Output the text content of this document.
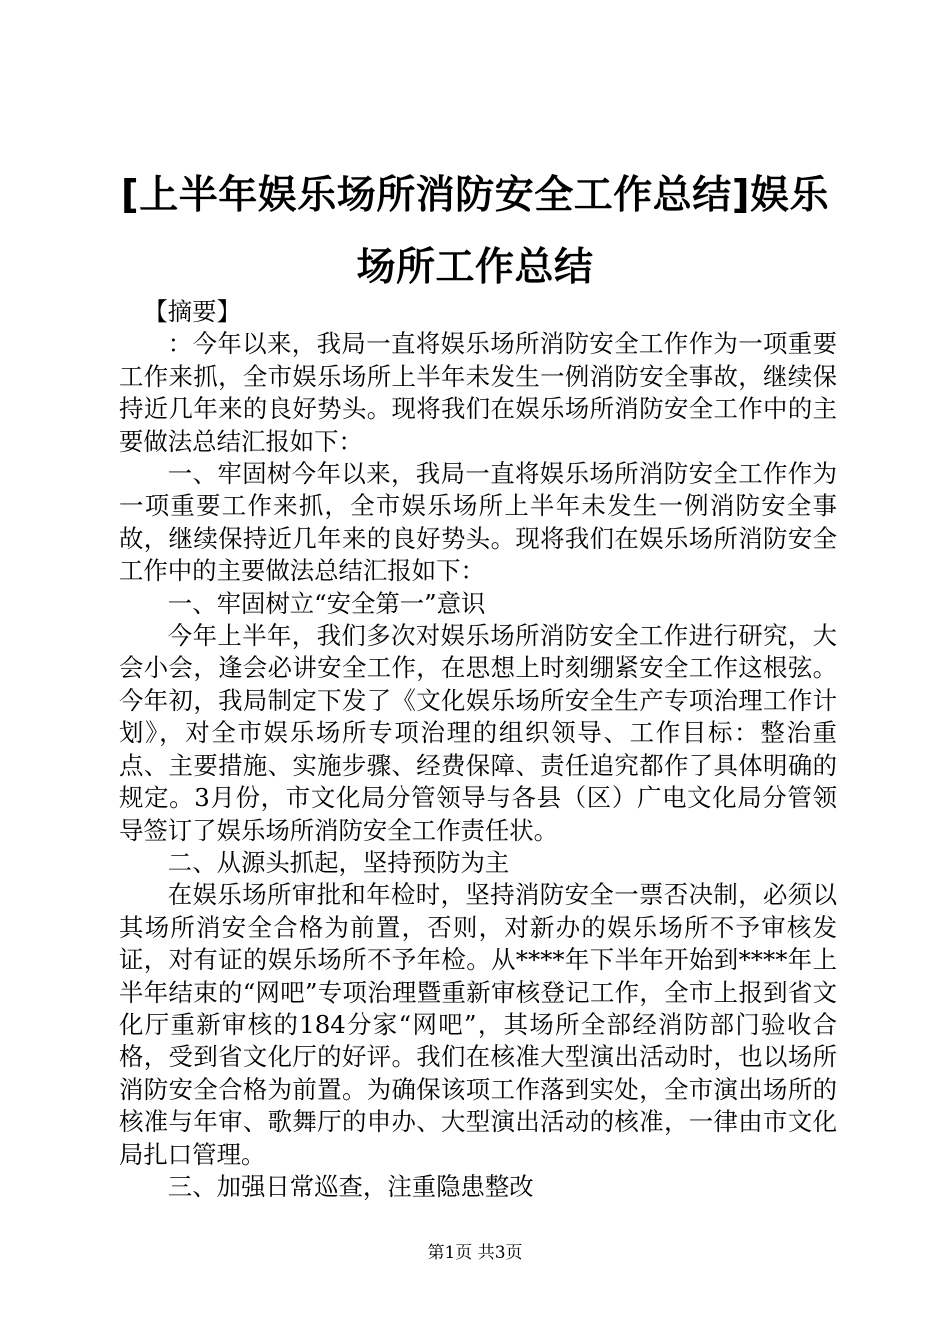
[上半年娱乐场所消防安全工作总结]娱乐场所工作总结

【摘要】

：今年以来，我局一直将娱乐场所消防安全工作作为一项重要工作来抓，全市娱乐场所上半年未发生一例消防安全事故，继续保持近几年来的良好势头。现将我们在娱乐场所消防安全工作中的主要做法总结汇报如下：

一、牢固树今年以来，我局一直将娱乐场所消防安全工作作为一项重要工作来抓，全市娱乐场所上半年未发生一例消防安全事故，继续保持近几年来的良好势头。现将我们在娱乐场所消防安全工作中的主要做法总结汇报如下：

一、牢固树立“安全第一”意识

今年上半年，我们多次对娱乐场所消防安全工作进行研究，大会小会，逢会必讲安全工作，在思想上时刻绷紧安全工作这根弦。今年初，我局制定下发了《文化娱乐场所安全生产专项治理工作计划》，对全市娱乐场所专项治理的组织领导、工作目标：整治重点、主要措施、实施步骤、经费保障、责任追究都作了具体明确的规定。3月份，市文化局分管领导与各县（区）广电文化局分管领导签订了娱乐场所消防安全工作责任状。

二、从源头抓起，坚持预防为主

在娱乐场所审批和年检时，坚持消防安全一票否决制，必须以其场所消安全合格为前置，否则，对新办的娱乐场所不予审核发证，对有证的娱乐场所不予年检。从****年下半年开始到****年上半年结束的“网吧”专项治理暨重新审核登记工作，全市上报到省文化厅重新审核的184分家“网吧”，其场所全部经消防部门验收合格，受到省文化厅的好评。我们在核准大型演出活动时，也以场所消防安全合格为前置。为确保该项工作落到实处，全市演出场所的核准与年审、歌舞厅的申办、大型演出活动的核准，一律由市文化局扎口管理。

三、加强日常巡查，注重隐患整改

第1页 共3页
